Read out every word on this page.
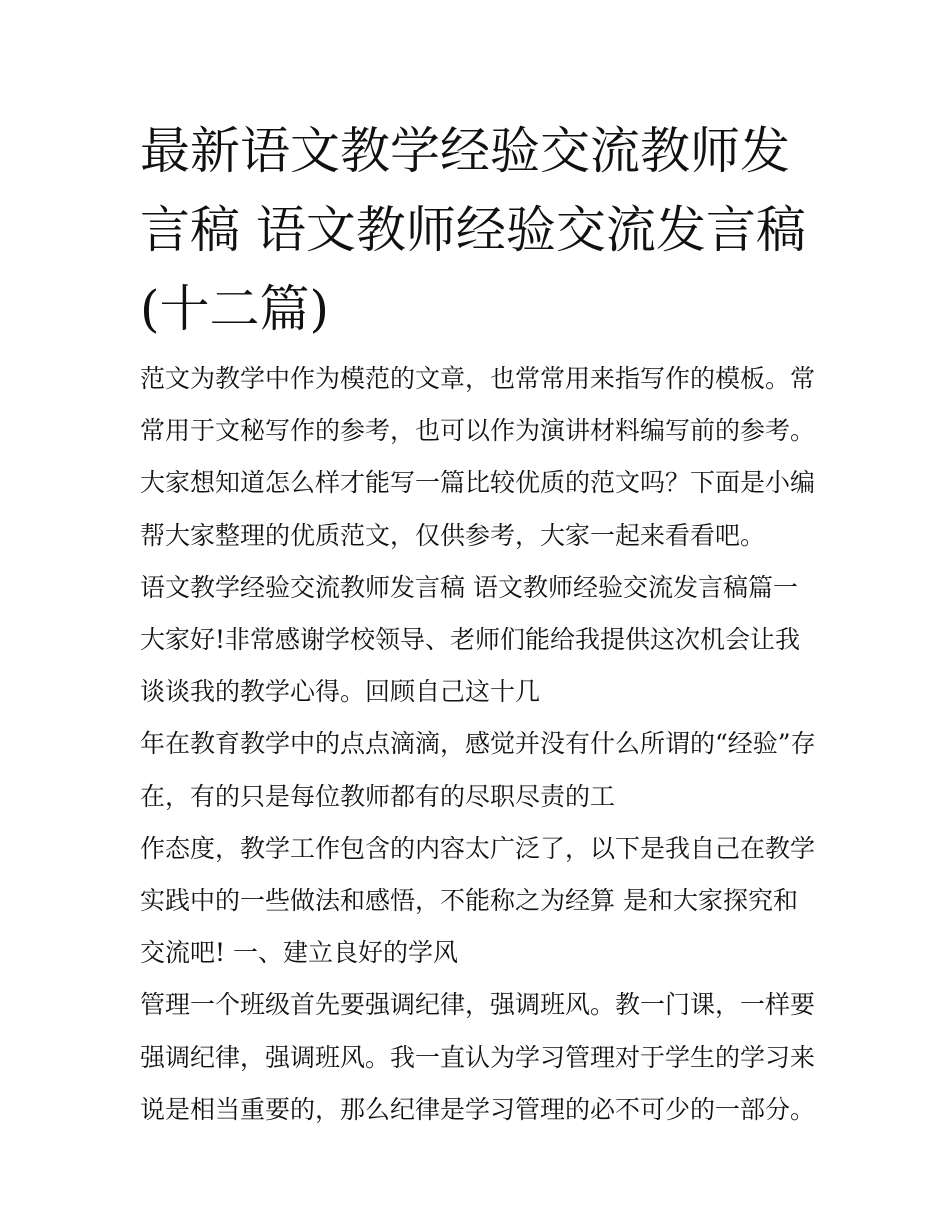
最新语文教学经验交流教师发
言稿 语文教师经验交流发言稿
(十二篇)
范文为教学中作为模范的文章，也常常用来指写作的模板。常
常用于文秘写作的参考，也可以作为演讲材料编写前的参考。
大家想知道怎么样才能写一篇比较优质的范文吗？下面是小编
帮大家整理的优质范文，仅供参考，大家一起来看看吧。
语文教学经验交流教师发言稿 语文教师经验交流发言稿篇一
大家好!非常感谢学校领导、老师们能给我提供这次机会让我
谈谈我的教学心得。回顾自己这十几
年在教育教学中的点点滴滴，感觉并没有什么所谓的“经验”存
在，有的只是每位教师都有的尽职尽责的工
作态度，教学工作包含的内容太广泛了，以下是我自己在教学
实践中的一些做法和感悟，不能称之为经算 是和大家探究和
交流吧! 一、建立良好的学风
管理一个班级首先要强调纪律，强调班风。教一门课，一样要
强调纪律，强调班风。我一直认为学习管理对于学生的学习来
说是相当重要的，那么纪律是学习管理的必不可少的一部分。
